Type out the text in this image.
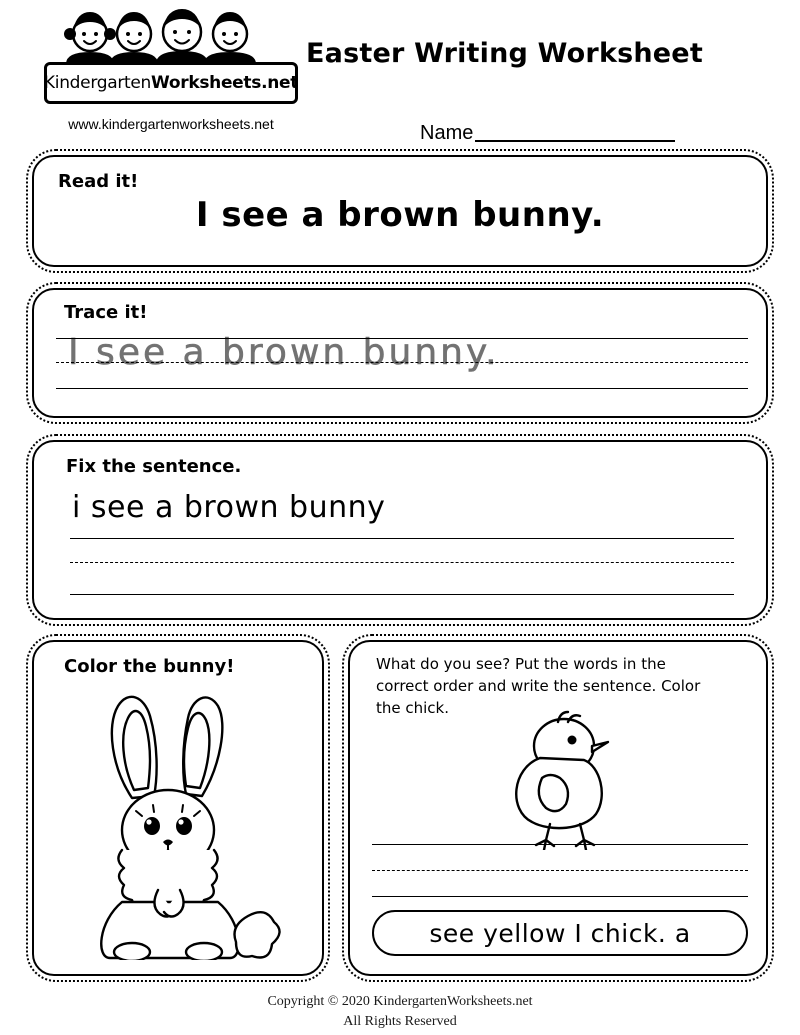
KindergartenWorksheets.net
www.kindergartenworksheets.net
Easter Writing Worksheet
Name
Read it!
I see a brown bunny.
Trace it!
I see a brown bunny.
Fix the sentence.
i see a brown bunny
Color the bunny!	What do you see? Put the words in the correct order and write the sentence. Color the chick.
see yellow I chick. a
Copyright © 2020 KindergartenWorksheets.net
All Rights Reserved
